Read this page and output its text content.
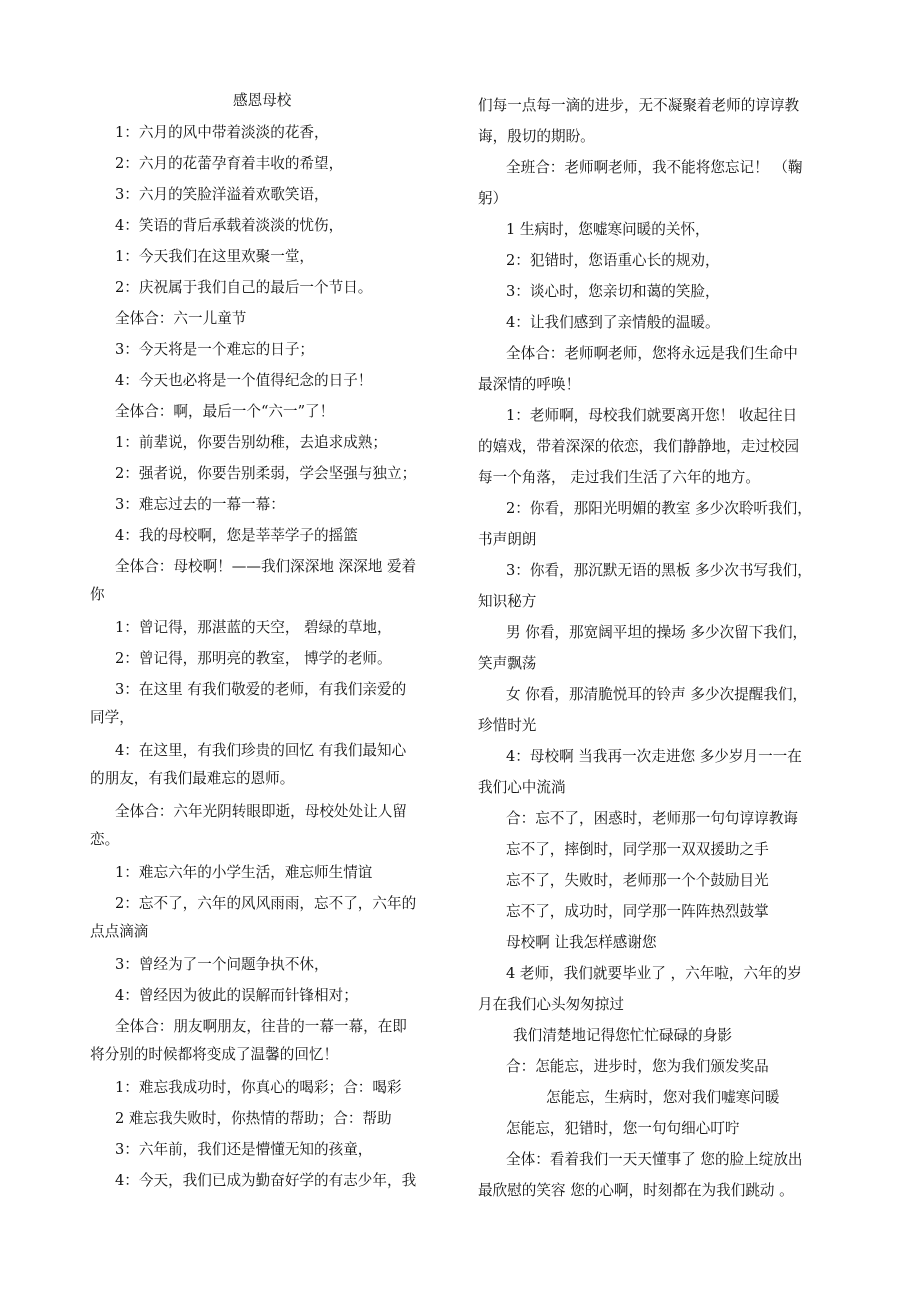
感恩母校
1：六月的风中带着淡淡的花香，
2：六月的花蕾孕育着丰收的希望，
3：六月的笑脸洋溢着欢歌笑语，
4：笑语的背后承载着淡淡的忧伤，
1：今天我们在这里欢聚一堂，
2：庆祝属于我们自己的最后一个节日。
全体合：六一儿童节
3：今天将是一个难忘的日子；
4：今天也必将是一个值得纪念的日子！
全体合：啊，最后一个“六一”了！
1：前辈说，你要告别幼稚，去追求成熟；
2：强者说，你要告别柔弱，学会坚强与独立；
3：难忘过去的一幕一幕：
4：我的母校啊，您是莘莘学子的摇篮
全体合：母校啊！——我们深深地 深深地 爱着
你
1：曾记得，那湛蓝的天空， 碧绿的草地，
2：曾记得，那明亮的教室， 博学的老师。
3：在这里 有我们敬爱的老师，有我们亲爱的
同学，
4：在这里，有我们珍贵的回忆 有我们最知心
的朋友，有我们最难忘的恩师。
全体合：六年光阴转眼即逝，母校处处让人留
恋。
1：难忘六年的小学生活，难忘师生情谊
2：忘不了，六年的风风雨雨，忘不了，六年的
点点滴滴
3：曾经为了一个问题争执不休，
4：曾经因为彼此的误解而针锋相对；
全体合：朋友啊朋友，往昔的一幕一幕，在即
将分别的时候都将变成了温馨的回忆！
1：难忘我成功时，你真心的喝彩；合：喝彩
2 难忘我失败时，你热情的帮助；合：帮助
3：六年前，我们还是懵懂无知的孩童，
4：今天，我们已成为勤奋好学的有志少年，我
们每一点每一滴的进步，无不凝聚着老师的谆谆教
诲，殷切的期盼。
全班合：老师啊老师，我不能将您忘记！ （鞠
躬）
1 生病时，您嘘寒问暖的关怀，
2：犯错时，您语重心长的规劝，
3：谈心时，您亲切和蔼的笑脸，
4：让我们感到了亲情般的温暖。
全体合：老师啊老师，您将永远是我们生命中
最深情的呼唤！
1：老师啊，母校我们就要离开您！ 收起往日
的嬉戏，带着深深的依恋，我们静静地，走过校园
每一个角落， 走过我们生活了六年的地方。
2：你看，那阳光明媚的教室 多少次聆听我们，
书声朗朗
3：你看，那沉默无语的黑板 多少次书写我们，
知识秘方
男 你看，那宽阔平坦的操场 多少次留下我们，
笑声飘荡
女 你看，那清脆悦耳的铃声 多少次提醒我们，
珍惜时光
4：母校啊 当我再一次走进您 多少岁月一一在
我们心中流淌
合：忘不了，困惑时，老师那一句句谆谆教诲
忘不了，摔倒时，同学那一双双援助之手
忘不了，失败时，老师那一个个鼓励目光
忘不了，成功时，同学那一阵阵热烈鼓掌
母校啊 让我怎样感谢您
4 老师，我们就要毕业了 ，六年啦，六年的岁
月在我们心头匆匆掠过
我们清楚地记得您忙忙碌碌的身影
合：怎能忘，进步时，您为我们颁发奖品
怎能忘，生病时，您对我们嘘寒问暖
怎能忘，犯错时，您一句句细心叮咛
全体：看着我们一天天懂事了 您的脸上绽放出
最欣慰的笑容 您的心啊，时刻都在为我们跳动 。
